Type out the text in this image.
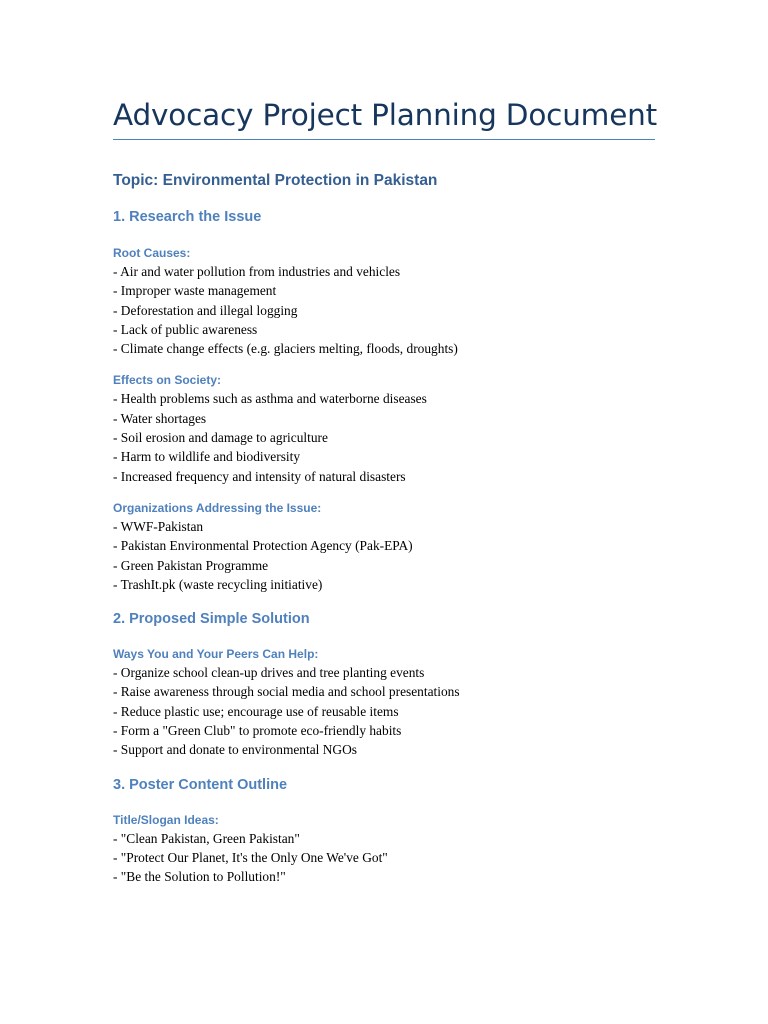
Advocacy Project Planning Document
Topic: Environmental Protection in Pakistan
1. Research the Issue
Root Causes:
- Air and water pollution from industries and vehicles
- Improper waste management
- Deforestation and illegal logging
- Lack of public awareness
- Climate change effects (e.g. glaciers melting, floods, droughts)
Effects on Society:
- Health problems such as asthma and waterborne diseases
- Water shortages
- Soil erosion and damage to agriculture
- Harm to wildlife and biodiversity
- Increased frequency and intensity of natural disasters
Organizations Addressing the Issue:
- WWF-Pakistan
- Pakistan Environmental Protection Agency (Pak-EPA)
- Green Pakistan Programme
- TrashIt.pk (waste recycling initiative)
2. Proposed Simple Solution
Ways You and Your Peers Can Help:
- Organize school clean-up drives and tree planting events
- Raise awareness through social media and school presentations
- Reduce plastic use; encourage use of reusable items
- Form a "Green Club" to promote eco-friendly habits
- Support and donate to environmental NGOs
3. Poster Content Outline
Title/Slogan Ideas:
- "Clean Pakistan, Green Pakistan"
- "Protect Our Planet, It's the Only One We've Got"
- "Be the Solution to Pollution!"
